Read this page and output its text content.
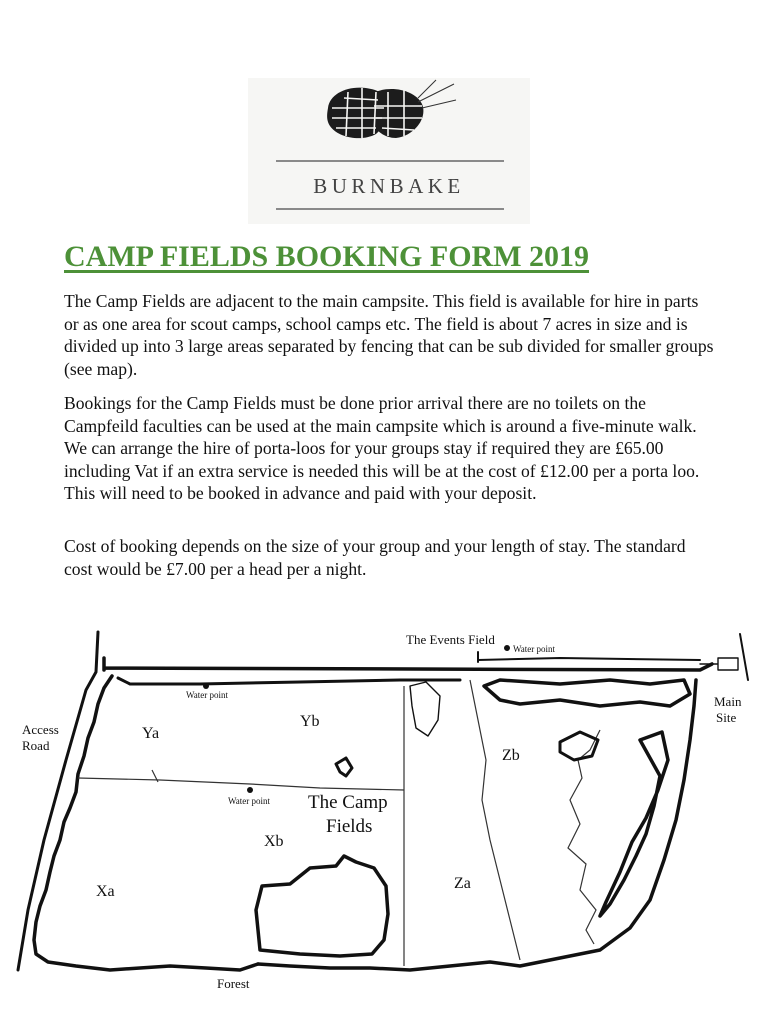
BURNBAKE
CAMP FIELDS BOOKING FORM 2019

The Camp Fields are adjacent to the main campsite. This field is available for hire in parts or as one area for scout camps, school camps etc. The field is about 7 acres in size and is divided up into 3 large areas separated by fencing that can be sub divided for smaller groups (see map).

Bookings for the Camp Fields must be done prior arrival there are no toilets on the Campfeild faculties can be used at the main campsite which is around a five-minute walk. We can arrange the hire of porta-loos for your groups stay if required they are £65.00 including Vat if an extra service is needed this will be at the cost of £12.00 per a porta loo. This will need to be booked in advance and paid with your deposit.

Cost of booking depends on the size of your group and your length of stay. The standard cost would be £7.00 per a head per a night.

The Events Field
Water point
Main
Site
Access
Road
Water point
Ya
Yb
Zb
Water point The Camp
Fields
Xb
Za
Xa
Forest
